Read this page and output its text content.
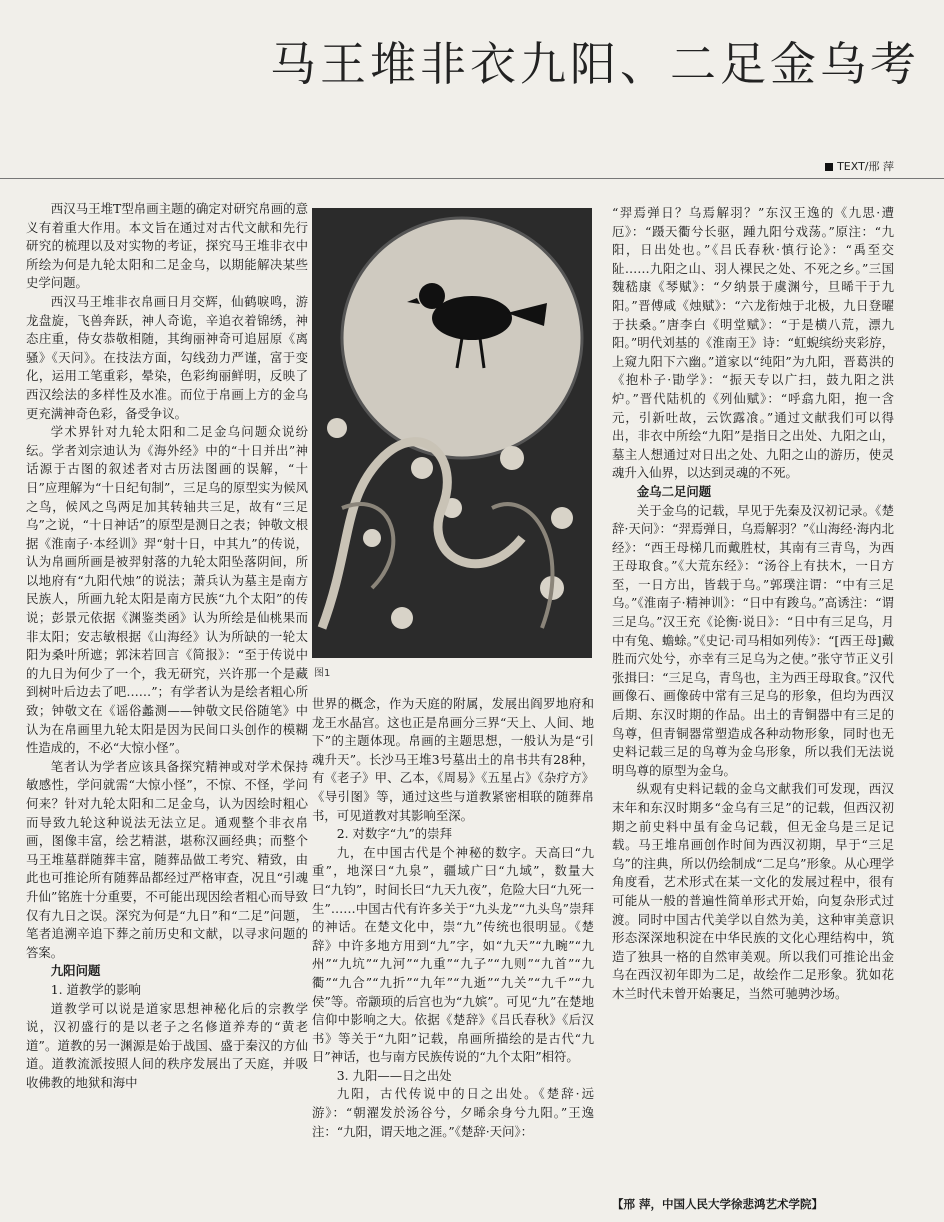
马王堆非衣九阳、二足金乌考
TEXT/邢 萍

西汉马王堆T型帛画主题的确定对研究帛画的意义有着重大作用。本文旨在通过对古代文献和先行研究的梳理以及对实物的考证，探究马王堆非衣中所绘为何是九轮太阳和二足金乌，以期能解决某些史学问题。

西汉马王堆非衣帛画日月交辉，仙鹤唳鸣，游龙盘旋，飞兽奔跃，神人奇诡，辛追衣着锦绣，神态庄重，侍女恭敬相随，其绚丽神奇可追屈原《离骚》《天问》。在技法方面，勾线劲力严谨，富于变化，运用工笔重彩，晕染，色彩绚丽鲜明，反映了西汉绘法的多样性及水准。而位于帛画上方的金乌更充满神奇色彩，备受争议。

学术界针对九轮太阳和二足金乌问题众说纷纭。学者刘宗迪认为《海外经》中的“十日并出”神话源于古图的叙述者对古历法图画的误解，“十日”应理解为“十日纪旬制”，三足乌的原型实为候风之鸟，候风之鸟两足加其转轴共三足，故有“三足乌”之说，“十日神话”的原型是测日之表；钟敬文根据《淮南子·本经训》羿“射十日，中其九”的传说，认为帛画所画是被羿射落的九轮太阳坠落阴间，所以地府有“九阳代烛”的说法；萧兵认为墓主是南方民族人，所画九轮太阳是南方民族“九个太阳”的传说；彭景元依据《渊鉴类函》认为所绘是仙桃果而非太阳；安志敏根据《山海经》认为所缺的一轮太阳为桑叶所遮；郭沫若回言《简报》：“至于传说中的九日为何少了一个，我无研究，兴许那一个是藏到树叶后边去了吧……”；有学者认为是绘者粗心所致；钟敬文在《谣俗蠡测——钟敬文民俗随笔》中认为在帛画里九轮太阳是因为民间口头创作的模糊性造成的，不必“大惊小怪”。

笔者认为学者应该具备探究精神或对学术保持敏感性，学问就需“大惊小怪”，不惊、不怪，学问何来？针对九轮太阳和二足金乌，认为因绘时粗心而导致九轮这种说法无法立足。通观整个非衣帛画，图像丰富，绘艺精湛，堪称汉画经典；而整个马王堆墓群随葬丰富，随葬品做工考究、精致，由此也可推论所有随葬品都经过严格审查，况且“引魂升仙”铭旌十分重要，不可能出现因绘者粗心而导致仅有九日之误。深究为何是“九日”和“二足”问题，笔者追溯辛追下葬之前历史和文献，以寻求问题的答案。

九阳问题

1. 道教学的影响

道教学可以说是道家思想神秘化后的宗教学说，汉初盛行的是以老子之名修道养寿的“黄老道”。道教的另一渊源是始于战国、盛于秦汉的方仙道。道教流派按照人间的秩序发展出了天庭，并吸收佛教的地狱和海中

图1

世界的概念，作为天庭的附属，发展出阎罗地府和龙王水晶宫。这也正是帛画分三界“天上、人间、地下”的主题体现。帛画的主题思想，一般认为是“引魂升天”。长沙马王堆3号墓出土的帛书共有28种，有《老子》甲、乙本，《周易》《五星占》《杂疗方》《导引图》等，通过这些与道教紧密相联的随葬帛书，可见道教对其影响至深。

2. 对数字“九”的崇拜

九，在中国古代是个神秘的数字。天高曰“九重”，地深曰“九泉”，疆域广曰“九域”，数量大曰“九钧”，时间长曰“九天九夜”，危险大曰“九死一生”……中国古代有许多关于“九头龙”“九头鸟”崇拜的神话。在楚文化中，崇“九”传统也很明显。《楚辞》中许多地方用到“九”字，如“九天”“九畹”“九州”“九坑”“九河”“九重”“九子”“九则”“九首”“九衢”“九合”“九折”“九年”“九逝”“九关”“九千”“九侯”等。帝颛顼的后宫也为“九嫔”。可见“九”在楚地信仰中影响之大。依据《楚辞》《吕氏春秋》《后汉书》等关于“九阳”记载，帛画所描绘的是古代“九日”神话，也与南方民族传说的“九个太阳”相符。

3. 九阳——日之出处

九阳，古代传说中的日之出处。《楚辞·远游》：“朝濯发於汤谷兮，夕晞余身兮九阳。”王逸注：“九阳，谓天地之涯。”《楚辞·天问》：

“羿焉弹日？乌焉解羽？”东汉王逸的《九思·遭厄》：“蹑天衢兮长驱，踵九阳兮戏荡。”原注：“九阳，日出处也。”《吕氏春秋·慎行论》：“禹至交阯……九阳之山、羽人裸民之处、不死之乡。”三国魏嵇康《琴赋》：“夕纳景于虞渊兮，旦晞干于九阳。”晋傅咸《烛赋》：“六龙衔烛于北极，九日登曜于扶桑。”唐李白《明堂赋》：“于是横八荒，漂九阳。”明代刘基的《淮南王》诗：“虹蜺缤纷夹彩斿，上窥九阳下六幽。”道家以“纯阳”为九阳，晋葛洪的《抱朴子·勖学》：“振天专以广扫，鼓九阳之洪炉。”晋代陆机的《列仙赋》：“呼翕九阳，抱一含元，引新吐故，云饮露飡。”通过文献我们可以得出，非衣中所绘“九阳”是指日之出处、九阳之山，墓主人想通过对日出之处、九阳之山的游历，使灵魂升入仙界，以达到灵魂的不死。

金乌二足问题

关于金乌的记载，早见于先秦及汉初记录。《楚辞·天问》：“羿焉弹日，乌焉解羽？”《山海经·海内北经》：“西王母梯几而戴胜杖，其南有三青鸟，为西王母取食。”《大荒东经》：“汤谷上有扶木，一日方至，一日方出，皆载于乌。”郭璞注谓：“中有三足乌。”《淮南子·精神训》：“日中有踆乌。”高诱注：“谓三足乌。”汉王充《论衡·说日》：“日中有三足乌，月中有兔、蟾蜍。”《史记·司马相如列传》：“[西王母]戴胜而穴处兮，亦幸有三足乌为之使。”张守节正义引张揖曰：“三足乌，青鸟也，主为西王母取食。”汉代画像石、画像砖中常有三足乌的形象，但均为西汉后期、东汉时期的作品。出土的青铜器中有三足的鸟尊，但青铜器常塑造成各种动物形象，同时也无史料记载三足的鸟尊为金乌形象，所以我们无法说明鸟尊的原型为金乌。

纵观有史料记载的金乌文献我们可发现，西汉末年和东汉时期多“金乌有三足”的记载，但西汉初期之前史料中虽有金乌记载，但无金乌是三足记载。马王堆帛画创作时间为西汉初期，早于“三足乌”的注典，所以仍绘制成“二足乌”形象。从心理学角度看，艺术形式在某一文化的发展过程中，很有可能从一般的普遍性简单形式开始，向复杂形式过渡。同时中国古代美学以自然为美，这种审美意识形态深深地积淀在中华民族的文化心理结构中，筑造了独具一格的自然审美观。所以我们可推论出金乌在西汉初年即为二足，故绘作二足形象。犹如花木兰时代未曾开始裹足，当然可驰骋沙场。

【邢 萍，中国人民大学徐悲鸿艺术学院】
